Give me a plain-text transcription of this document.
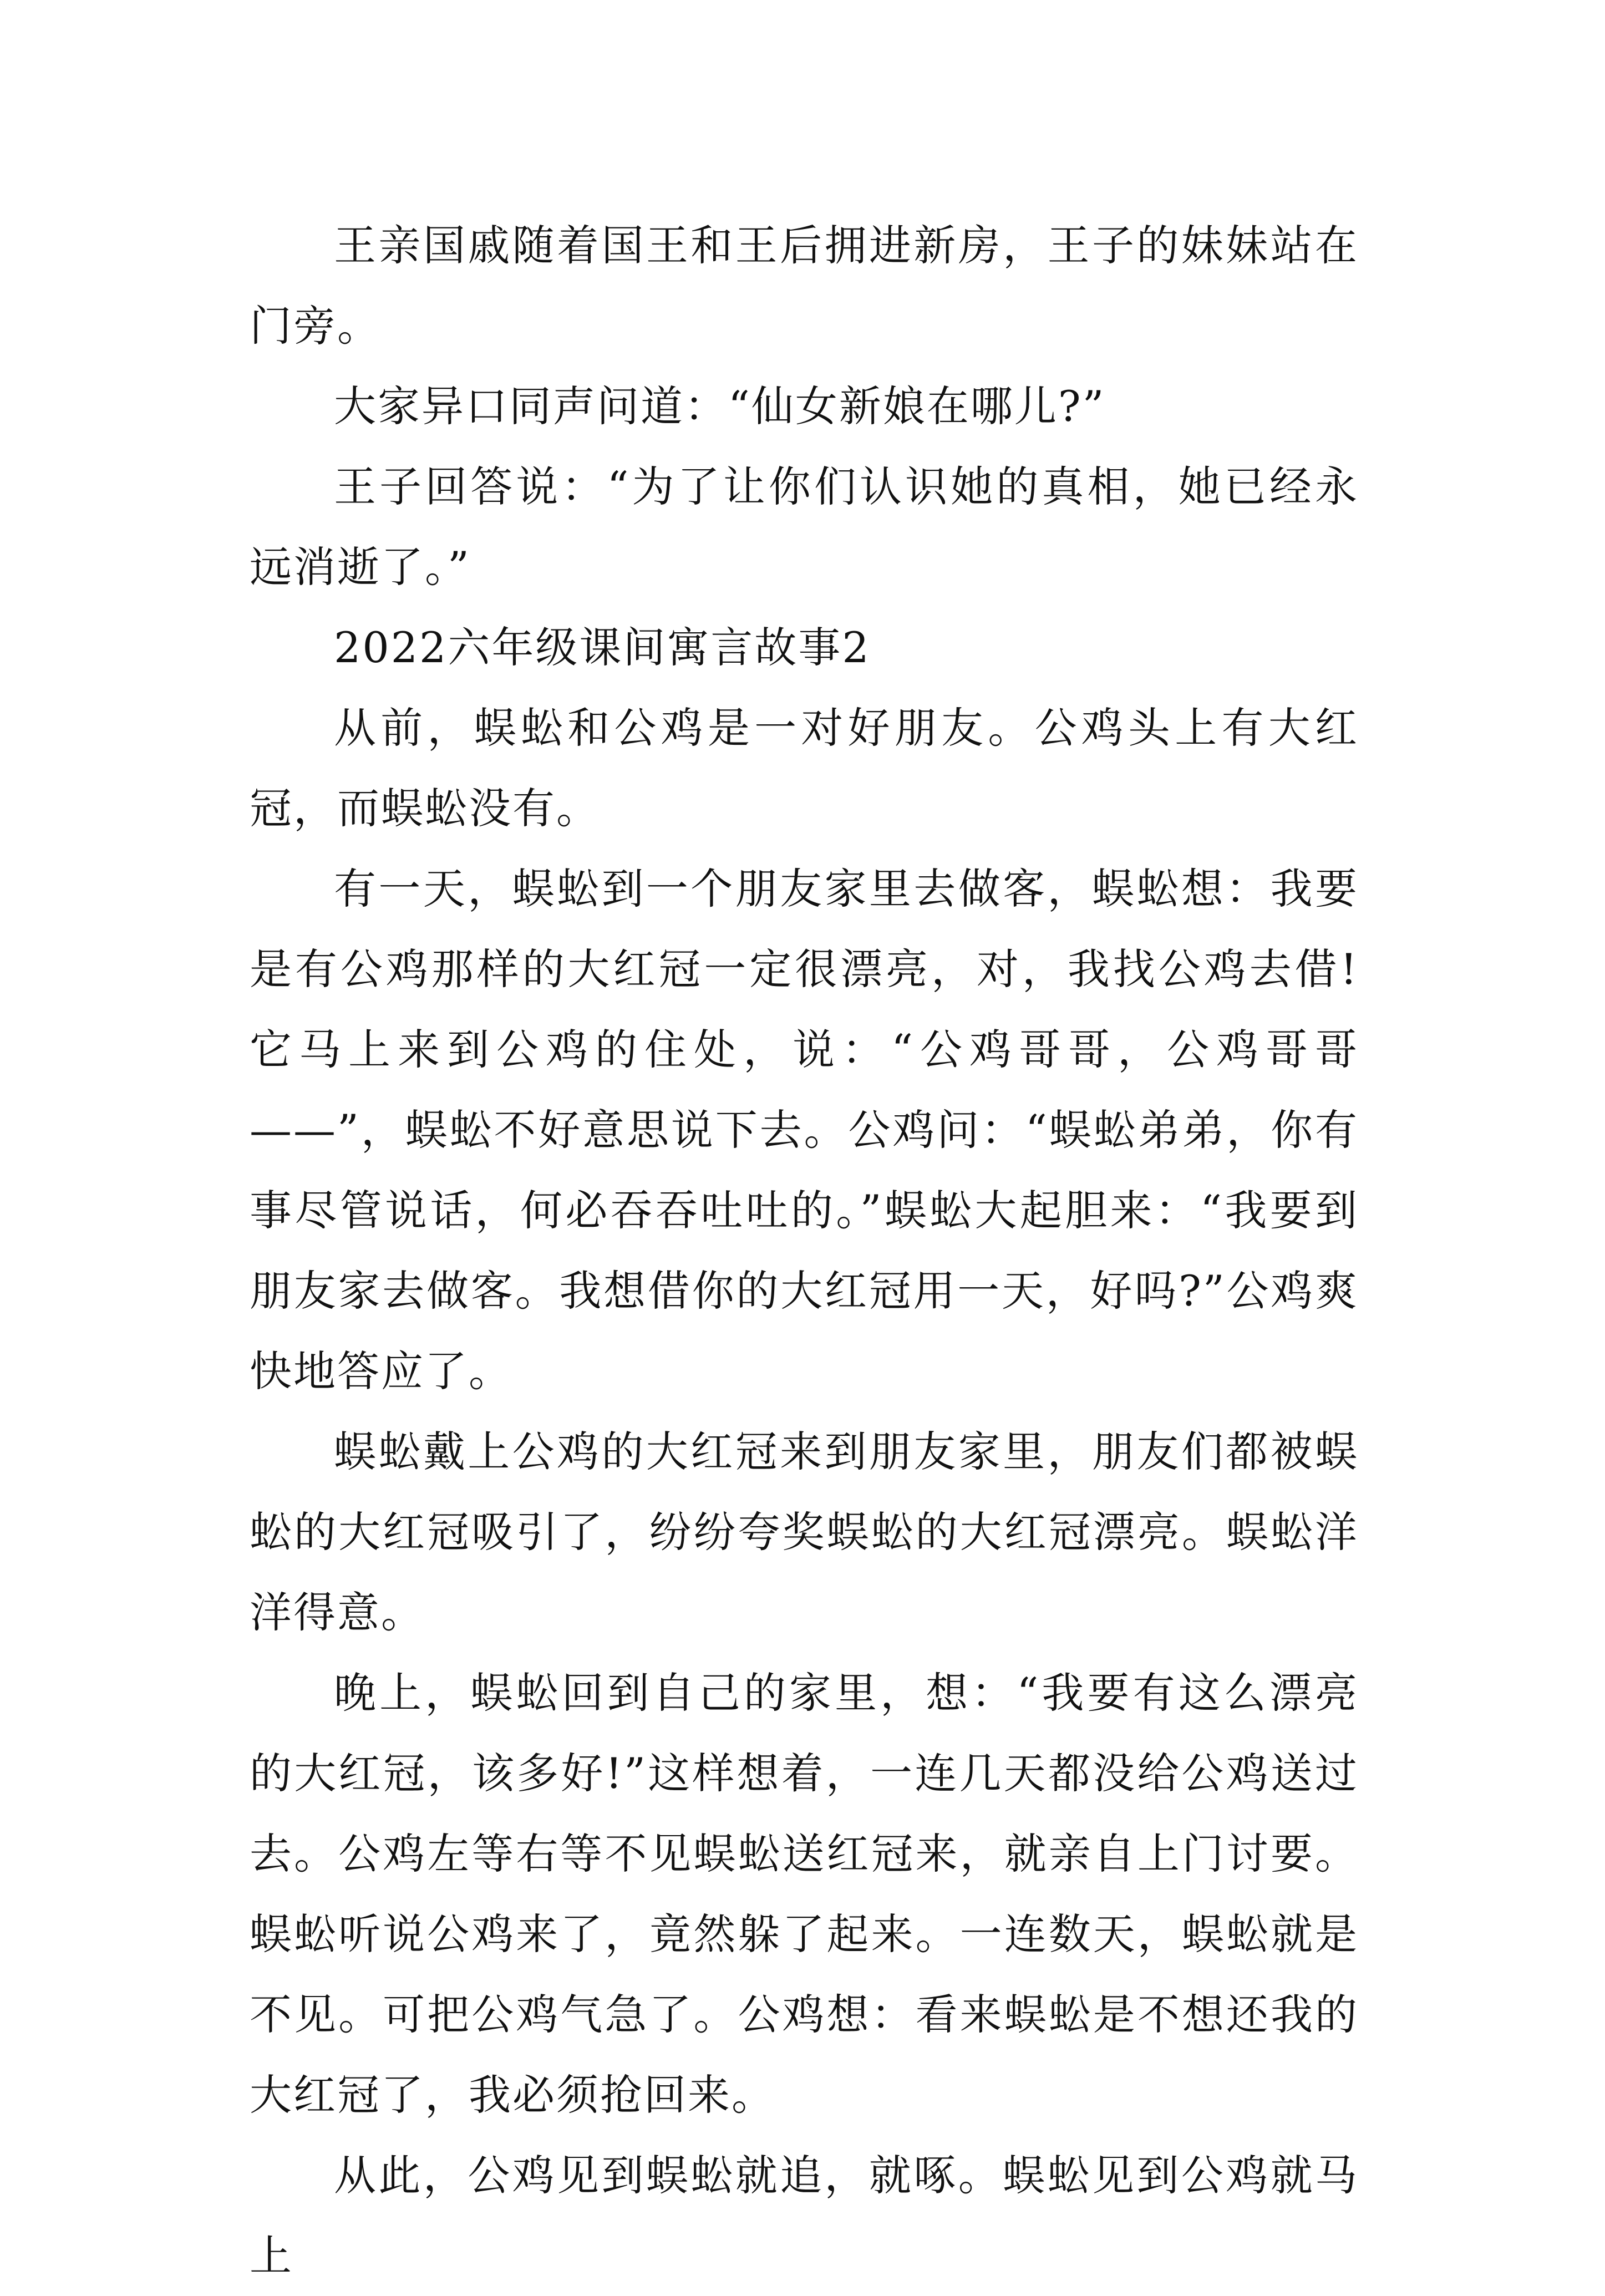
王亲国戚随着国王和王后拥进新房，王子的妹妹站在门旁。

大家异口同声问道：“仙女新娘在哪儿?”

王子回答说：“为了让你们认识她的真相，她已经永远消逝了。”

2022六年级课间寓言故事2

从前，蜈蚣和公鸡是一对好朋友。公鸡头上有大红冠，而蜈蚣没有。

有一天，蜈蚣到一个朋友家里去做客，蜈蚣想：我要是有公鸡那样的大红冠一定很漂亮，对，我找公鸡去借!它马上来到公鸡的住处，说：“公鸡哥哥，公鸡哥哥——”，蜈蚣不好意思说下去。公鸡问：“蜈蚣弟弟，你有事尽管说话，何必吞吞吐吐的。”蜈蚣大起胆来：“我要到朋友家去做客。我想借你的大红冠用一天，好吗?”公鸡爽快地答应了。

蜈蚣戴上公鸡的大红冠来到朋友家里，朋友们都被蜈蚣的大红冠吸引了，纷纷夸奖蜈蚣的大红冠漂亮。蜈蚣洋洋得意。

晚上，蜈蚣回到自己的家里，想：“我要有这么漂亮的大红冠，该多好!”这样想着，一连几天都没给公鸡送过去。公鸡左等右等不见蜈蚣送红冠来，就亲自上门讨要。蜈蚣听说公鸡来了，竟然躲了起来。一连数天，蜈蚣就是不见。可把公鸡气急了。公鸡想：看来蜈蚣是不想还我的大红冠了，我必须抢回来。

从此，公鸡见到蜈蚣就追，就啄。蜈蚣见到公鸡就马上
